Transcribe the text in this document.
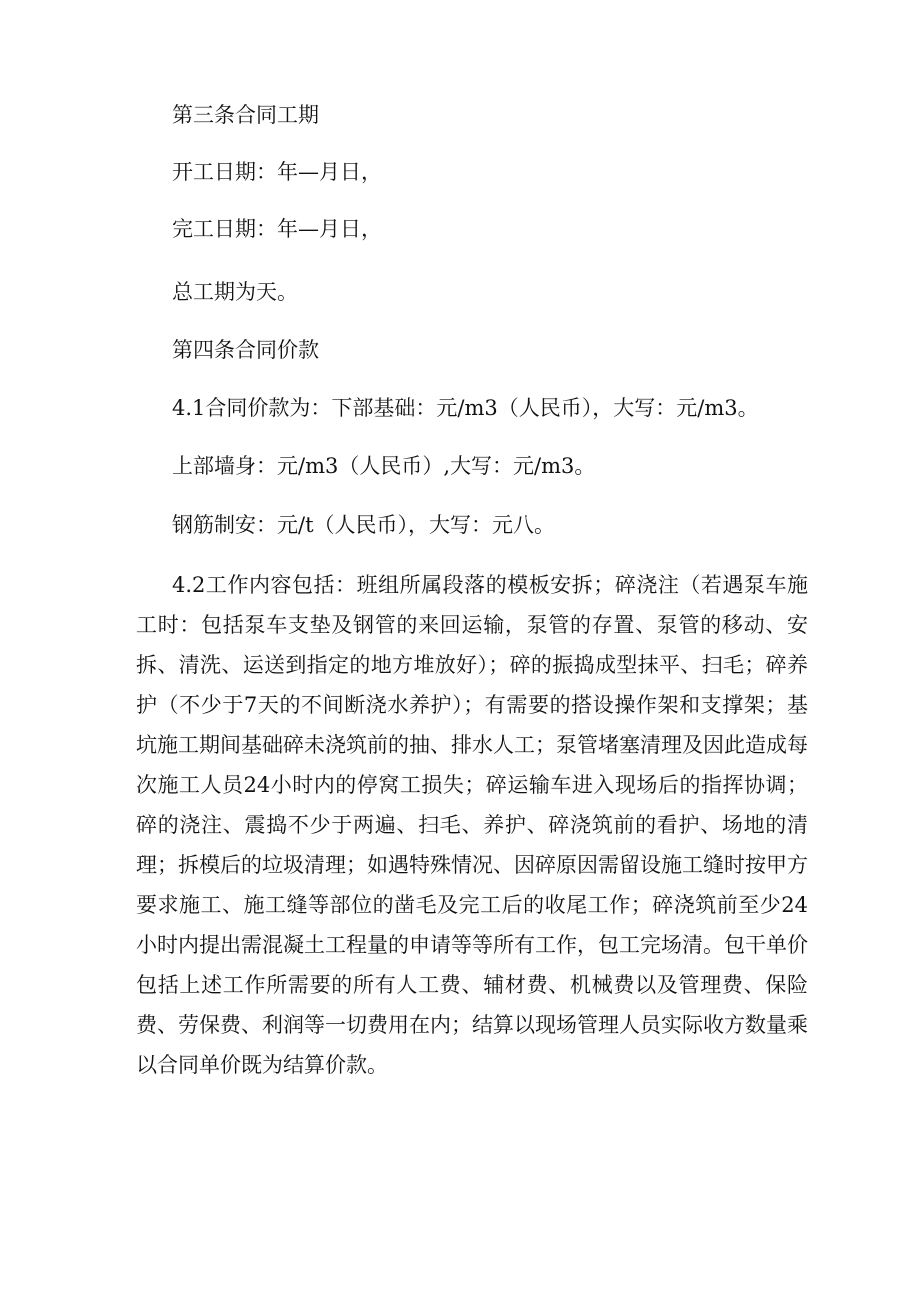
第三条合同工期

开工日期：年—月日，

完工日期：年—月日，

总工期为天。

第四条合同价款

4.1合同价款为：下部基础：元/m3（人民币），大写：元/m3。

上部墙身：元/m3（人民币）,大写：元/m3。

钢筋制安：元/t（人民币），大写：元八。

4.2工作内容包括：班组所属段落的模板安拆；碎浇注（若遇泵车施工时：包括泵车支垫及钢管的来回运输，泵管的存置、泵管的移动、安拆、清洗、运送到指定的地方堆放好）；碎的振捣成型抹平、扫毛；碎养护（不少于7天的不间断浇水养护）；有需要的搭设操作架和支撑架；基坑施工期间基础碎未浇筑前的抽、排水人工；泵管堵塞清理及因此造成每次施工人员24小时内的停窝工损失；碎运输车进入现场后的指挥协调；碎的浇注、震捣不少于两遍、扫毛、养护、碎浇筑前的看护、场地的清理；拆模后的垃圾清理；如遇特殊情况、因碎原因需留设施工缝时按甲方要求施工、施工缝等部位的凿毛及完工后的收尾工作；碎浇筑前至少24小时内提出需混凝土工程量的申请等等所有工作，包工完场清。包干单价包括上述工作所需要的所有人工费、辅材费、机械费以及管理费、保险费、劳保费、利润等一切费用在内；结算以现场管理人员实际收方数量乘以合同单价既为结算价款。
